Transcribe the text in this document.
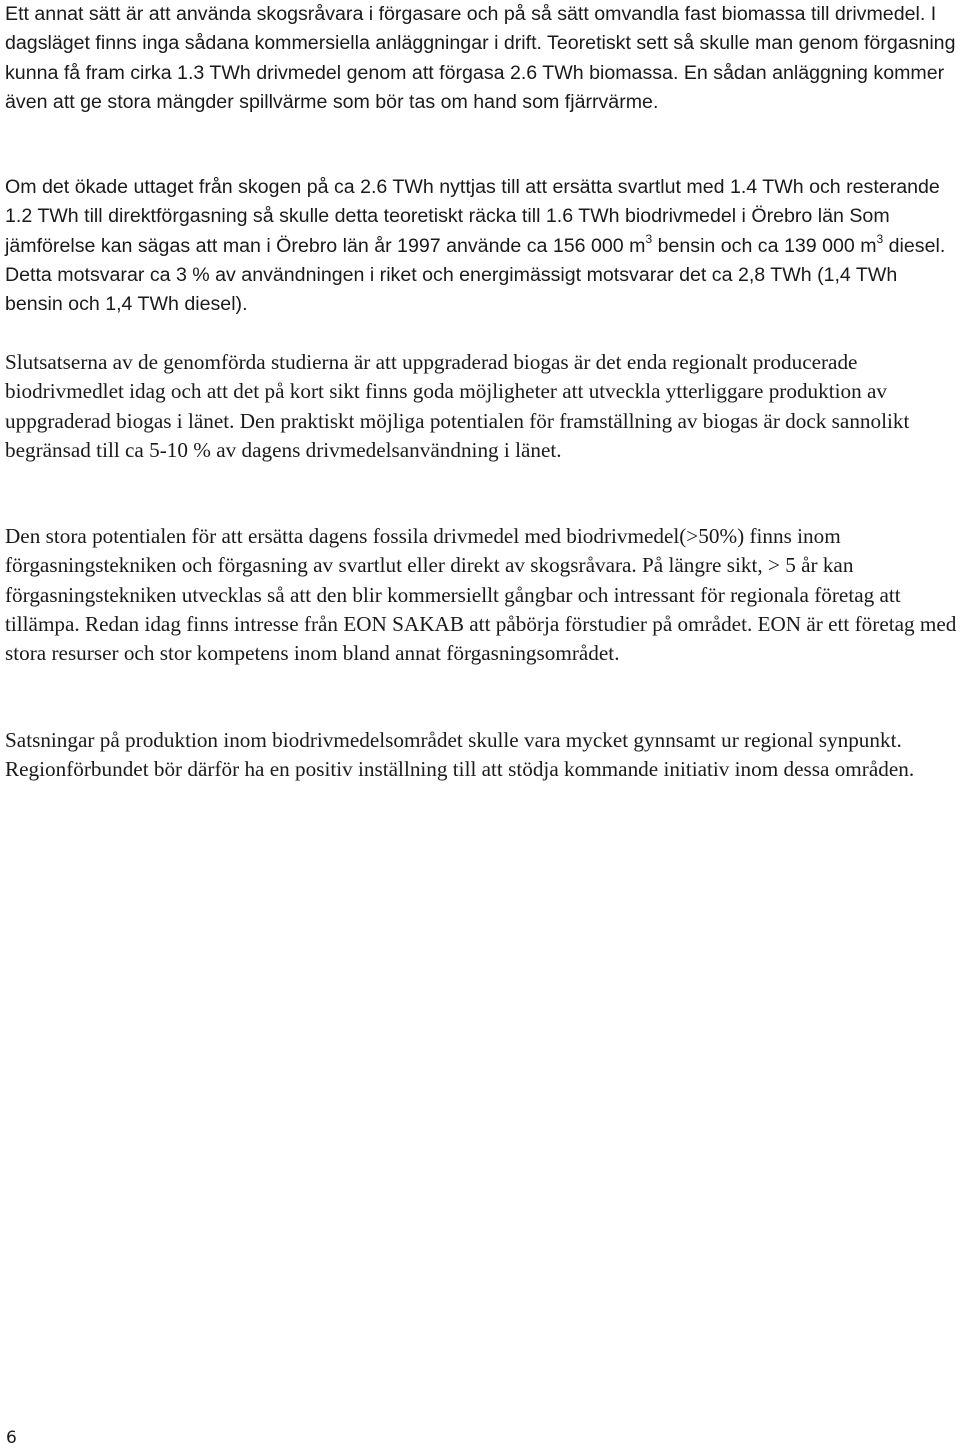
Ett annat sätt är att använda skogsråvara i förgasare och på så sätt omvandla fast biomassa till drivmedel. I dagsläget finns inga sådana kommersiella anläggningar i drift. Teoretiskt sett så skulle man genom förgasning kunna få fram cirka 1.3 TWh drivmedel genom att förgasa 2.6 TWh biomassa. En sådan anläggning kommer även att ge stora mängder spillvärme som bör tas om hand som fjärrvärme.

Om det ökade uttaget från skogen på ca 2.6 TWh nyttjas till att ersätta svartlut med 1.4 TWh och resterande 1.2 TWh till direktförgasning så skulle detta teoretiskt räcka till 1.6 TWh biodrivmedel i Örebro län Som jämförelse kan sägas att man i Örebro län år 1997 använde ca 156 000 $m^3$ bensin och ca 139 000 $m^3$ diesel. Detta motsvarar ca 3 % av användningen i riket och energimässigt motsvarar det ca 2,8 TWh (1,4 TWh bensin och 1,4 TWh diesel).

Slutsatserna av de genomförda studierna är att uppgraderad biogas är det enda regionalt producerade biodrivmedlet idag och att det på kort sikt finns goda möjligheter att utveckla ytterliggare produktion av uppgraderad biogas i länet. Den praktiskt möjliga potentialen för framställning av biogas är dock sannolikt begränsad till ca 5-10 % av dagens drivmedelsanvändning i länet.

Den stora potentialen för att ersätta dagens fossila drivmedel med biodrivmedel(>50%) finns inom förgasningstekniken och förgasning av svartlut eller direkt av skogsråvara. På längre sikt, > 5 år kan förgasningstekniken utvecklas så att den blir kommersiellt gångbar och intressant för regionala företag att tillämpa. Redan idag finns intresse från EON SAKAB att påbörja förstudier på området. EON är ett företag med stora resurser och stor kompetens inom bland annat förgasningsområdet.

Satsningar på produktion inom biodrivmedelsområdet skulle vara mycket gynnsamt ur regional synpunkt. Regionförbundet bör därför ha en positiv inställning till att stödja kommande initiativ inom dessa områden.

6
